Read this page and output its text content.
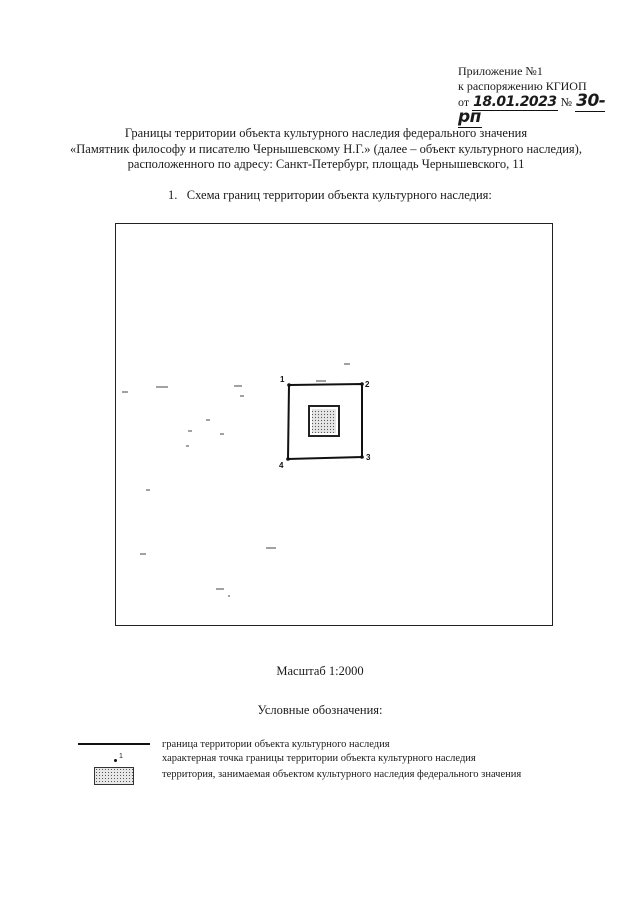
Приложение №1
к распоряжению КГИОП
от 18.01.2023 № 30-рп
Границы территории объекта культурного наследия федерального значения
«Памятник философу и писателю Чернышевскому Н.Г.» (далее – объект культурного наследия),
расположенного по адресу: Санкт-Петербург, площадь Чернышевского, 11
1.   Схема границ территории объекта культурного наследия:
1
2
3
4
Масштаб 1:2000
Условные обозначения:
граница территории объекта культурного наследия
1	характерная точка границы территории объекта культурного наследия
территория, занимаемая объектом культурного наследия федерального значения
